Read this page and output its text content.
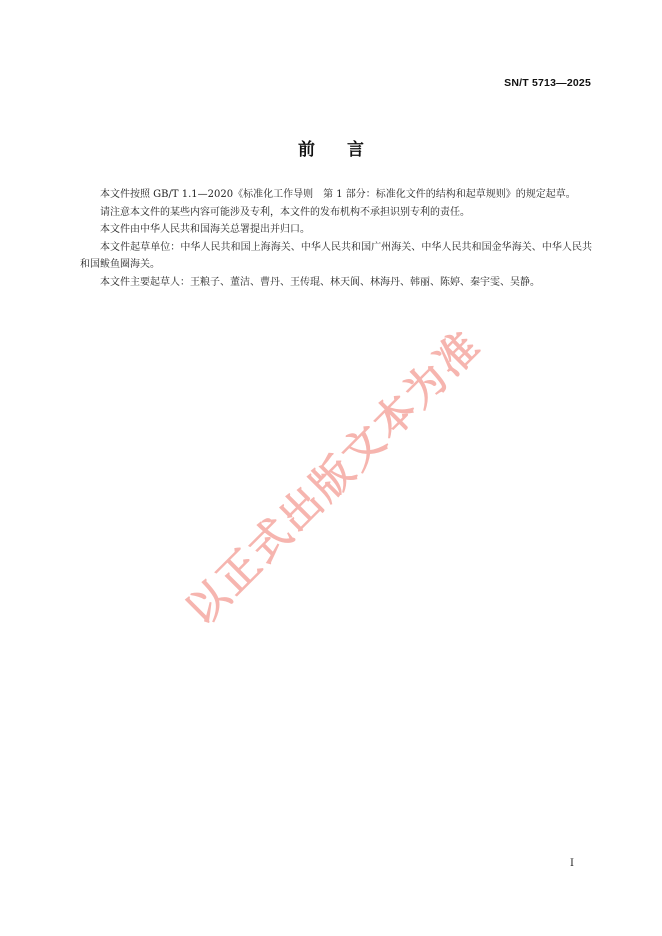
SN/T 5713—2025
前言

本文件按照 GB/T 1.1—2020《标准化工作导则　第 1 部分：标准化文件的结构和起草规则》的规定起草。

请注意本文件的某些内容可能涉及专利，本文件的发布机构不承担识别专利的责任。

本文件由中华人民共和国海关总署提出并归口。

本文件起草单位：中华人民共和国上海海关、中华人民共和国广州海关、中华人民共和国金华海关、中华人民共和国鲅鱼圈海关。

本文件主要起草人：王粮子、董洁、曹丹、王传琨、林天阆、林海丹、韩丽、陈婷、秦宇雯、吴静。

以正式出版文本为准
I
